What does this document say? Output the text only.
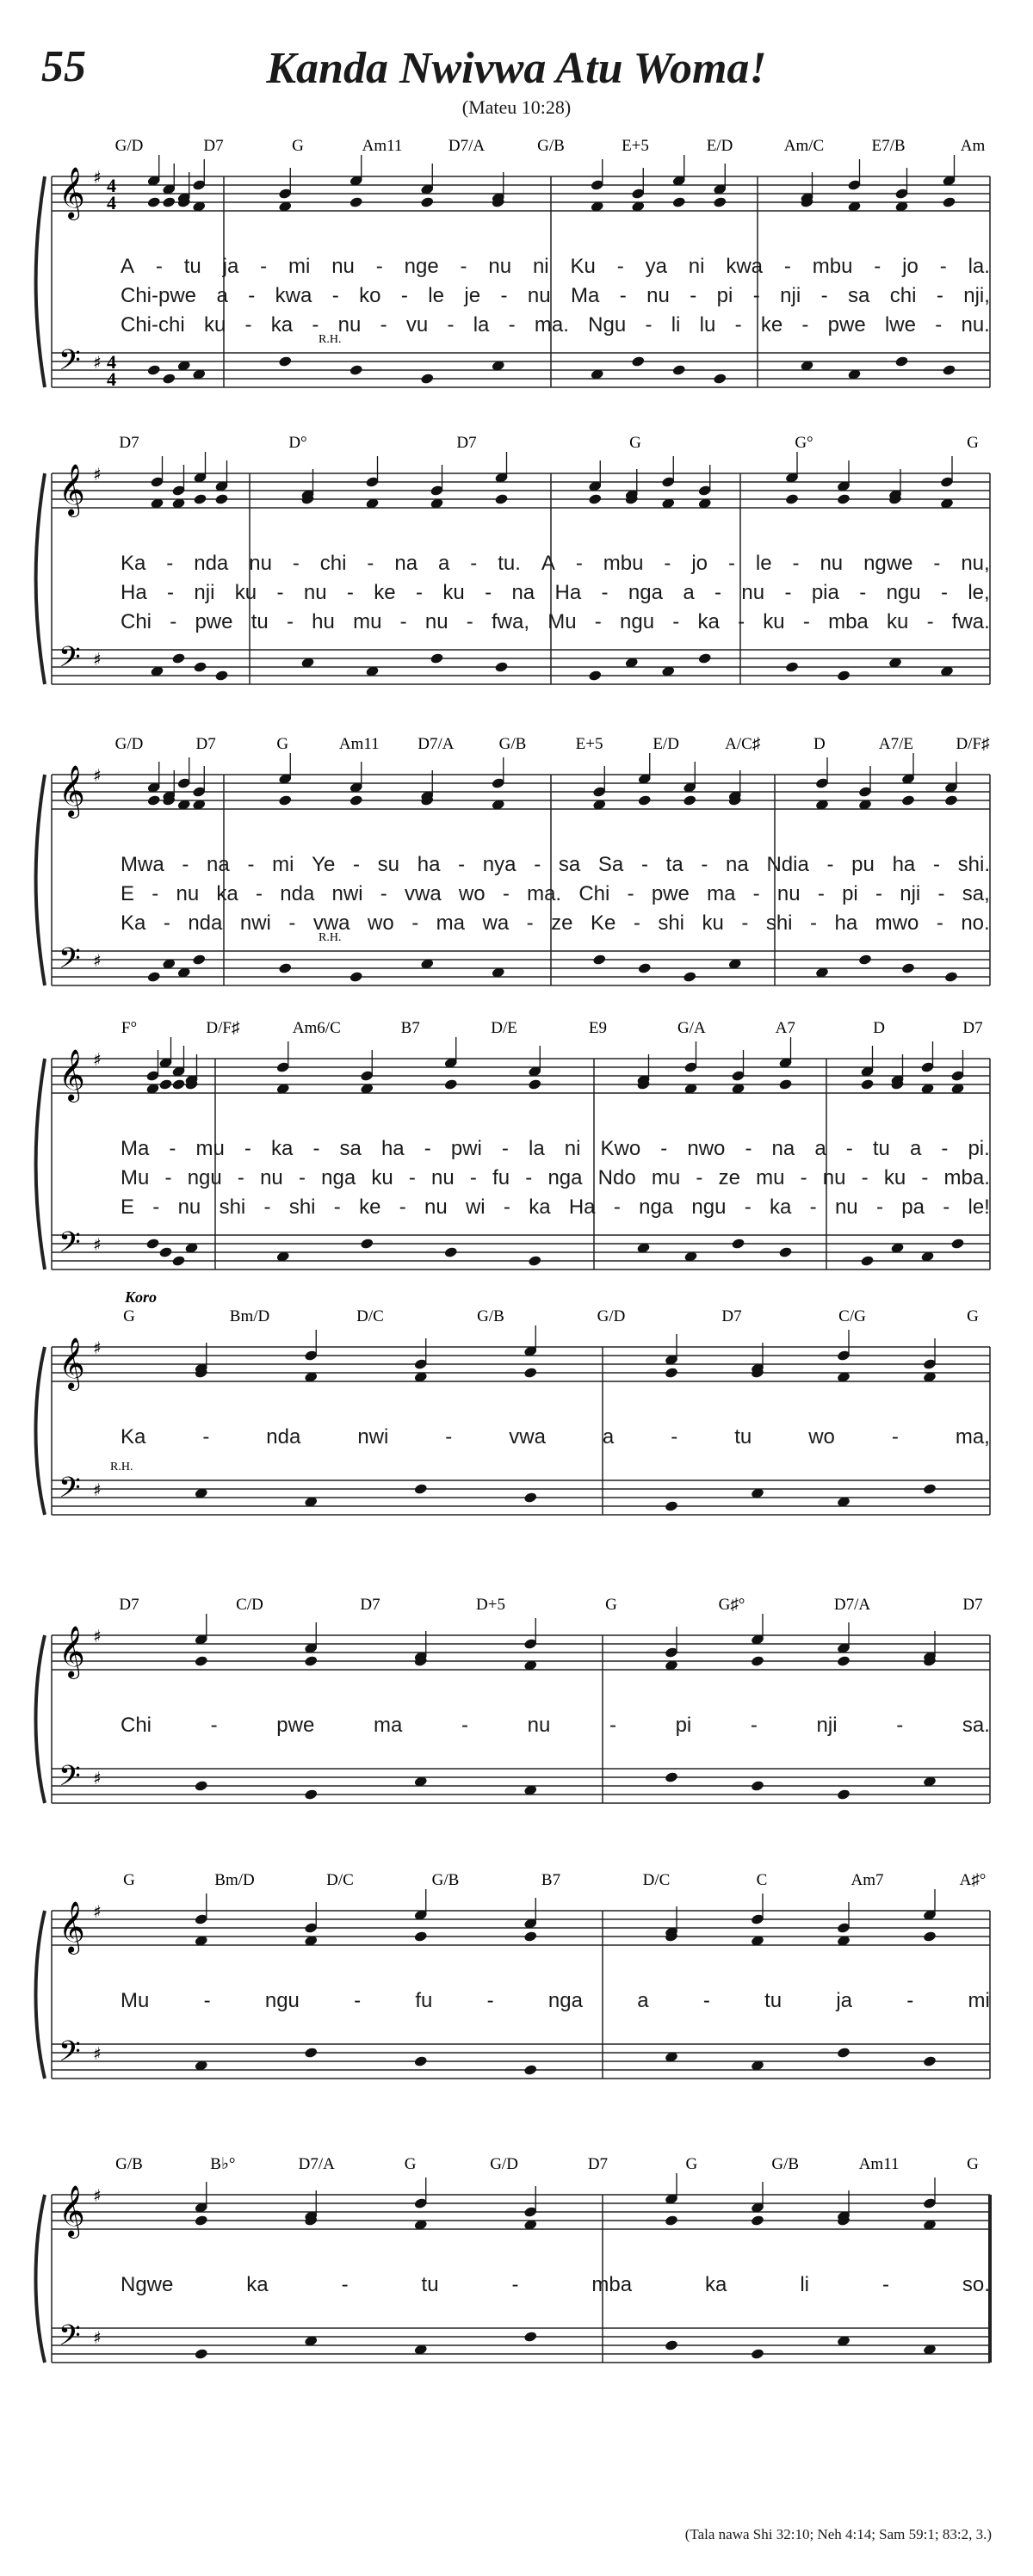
55	Kanda Nwivwa Atu Woma!
(Mateu 10:28)
𝄞 ♯ 4
4
𝄢 ♯ 4
4
G/D	D7	G	Am11	D7/A	G/B	E+5	E/D	Am/C	E7/B	Am
R.H.
A - tu ja - mi nu - nge - nu ni Ku - ya ni kwa - mbu - jo - la.
Chi-pwe a - kwa - ko - le je - nu Ma - nu - pi - nji - sa chi - nji,
Chi-chi ku - ka - nu - vu - la - ma. Ngu - li lu - ke - pwe lwe - nu.
𝄞 ♯
𝄢 ♯
D7	D°	D7	G	G°	G
Ka - nda nu - chi - na a - tu. A - mbu - jo - le - nu ngwe - nu,
Ha - nji ku - nu - ke - ku - na Ha - nga a - nu - pia - ngu - le,
Chi - pwe tu - hu mu - nu - fwa, Mu - ngu - ka - ku - mba ku - fwa.
𝄞 ♯
𝄢 ♯
G/D	D7	G	Am11 D7/A	G/B	E+5	E/D	A/C♯	D	A7/E	D/F♯
R.H.
Mwa - na - mi Ye - su ha - nya - sa Sa - ta - na Ndia - pu ha - shi.
E - nu ka - nda nwi - vwa wo - ma. Chi - pwe ma - nu - pi - nji - sa,
Ka - nda nwi - vwa wo - ma wa - ze Ke - shi ku - shi - ha mwo - no.
𝄞 ♯
𝄢 ♯
F°	D/F♯	Am6/C	B7	D/E	E9	G/A	A7	D	D7
Ma - mu - ka - sa ha - pwi - la ni Kwo - nwo - na a - tu a - pi.
Mu - ngu - nu - nga ku - nu - fu - nga Ndo mu - ze mu - nu - ku - mba.
E - nu shi - shi - ke - nu wi - ka Ha - nga ngu - ka - nu - pa - le!
𝄞 ♯
𝄢 ♯
G	Bm/D	D/C	G/B	G/D	D7	C/G	G
Koro
R.H.
Ka	-	nda	nwi	-	vwa	a	-	tu	wo	-	ma,
𝄞 ♯
𝄢 ♯
D7	C/D	D7	D+5	G	G♯°	D7/A	D7
Chi	-	pwe	ma	-	nu	-	pi	-	nji	-	sa.
𝄞 ♯
𝄢 ♯
G	Bm/D	D/C	G/B	B7	D/C	C	Am7	A♯°
Mu	-	ngu	-	fu	-	nga	a	-	tu	ja	-	mi
𝄞 ♯
𝄢 ♯
G/B	B♭°	D7/A	G	G/D	D7	G	G/B	Am11	G
Ngwe	ka	-	tu	-	mba	ka	li	-	so.
(Tala nawa Shi 32:10; Neh 4:14; Sam 59:1; 83:2, 3.)
